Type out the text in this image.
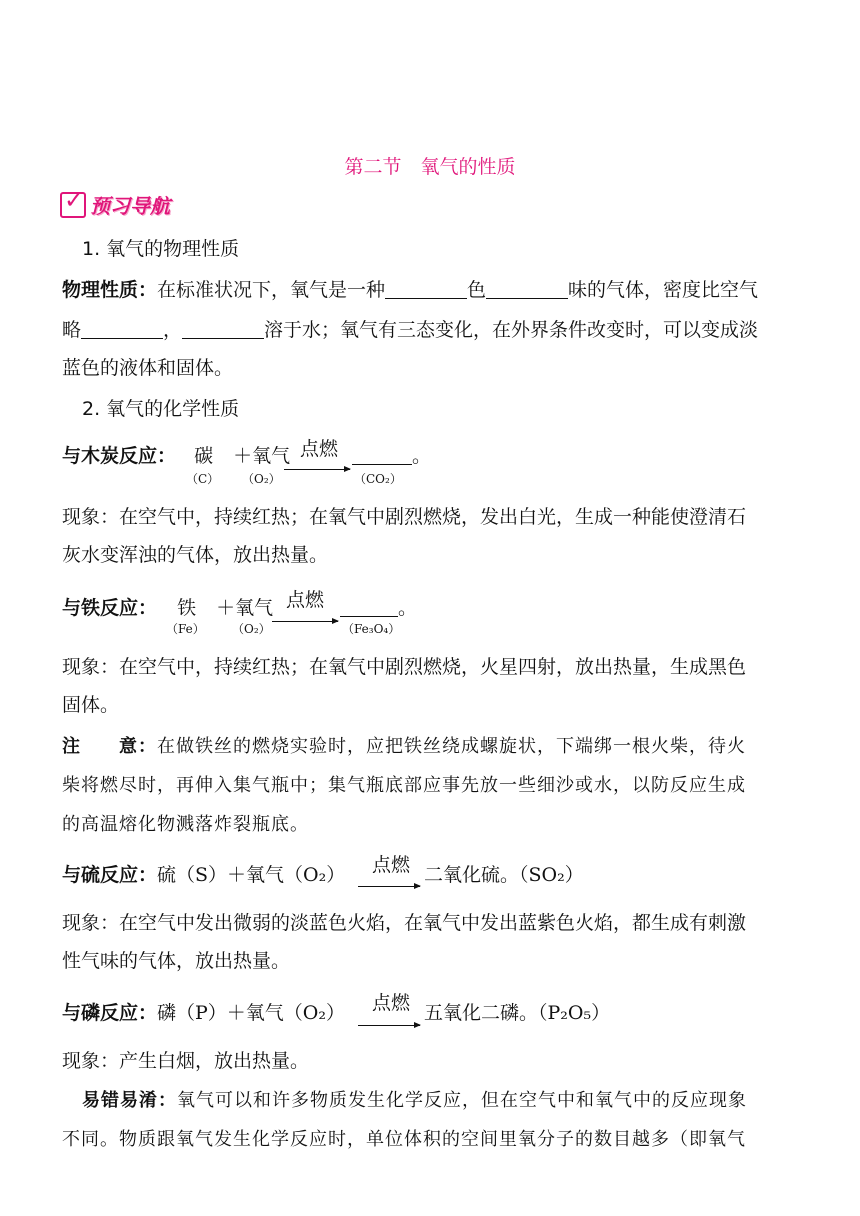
第二节　氧气的性质
✓ 预习导航
1. 氧气的物理性质
物理性质：在标准状况下，氧气是一种	色	味的气体，密度比空气
略	，	溶于水；氧气有三态变化，在外界条件改变时，可以变成淡
蓝色的液体和固体。
2. 氧气的化学性质
与木炭反应： 碳 ＋氧气 点燃	。
（C） （O₂）	（CO₂）
现象：在空气中，持续红热；在氧气中剧烈燃烧，发出白光，生成一种能使澄清石
灰水变浑浊的气体，放出热量。
与铁反应： 铁 ＋氧气 点燃	。
（Fe） （O₂）	（Fe₃O₄）
现象：在空气中，持续红热；在氧气中剧烈燃烧，火星四射，放出热量，生成黑色
固体。
注　　意：在做铁丝的燃烧实验时，应把铁丝绕成螺旋状，下端绑一根火柴，待火
柴将燃尽时，再伸入集气瓶中；集气瓶底部应事先放一些细沙或水，以防反应生成
的高温熔化物溅落炸裂瓶底。
与硫反应：硫（S）＋氧气（O₂） 点燃 二氧化硫。（SO₂）
现象：在空气中发出微弱的淡蓝色火焰，在氧气中发出蓝紫色火焰，都生成有刺激
性气味的气体，放出热量。
与磷反应：磷（P）＋氧气（O₂） 点燃 五氧化二磷。（P₂O₅）
现象：产生白烟，放出热量。
易错易淆：氧气可以和许多物质发生化学反应，但在空气中和氧气中的反应现象
不同。物质跟氧气发生化学反应时，单位体积的空间里氧分子的数目越多（即氧气
